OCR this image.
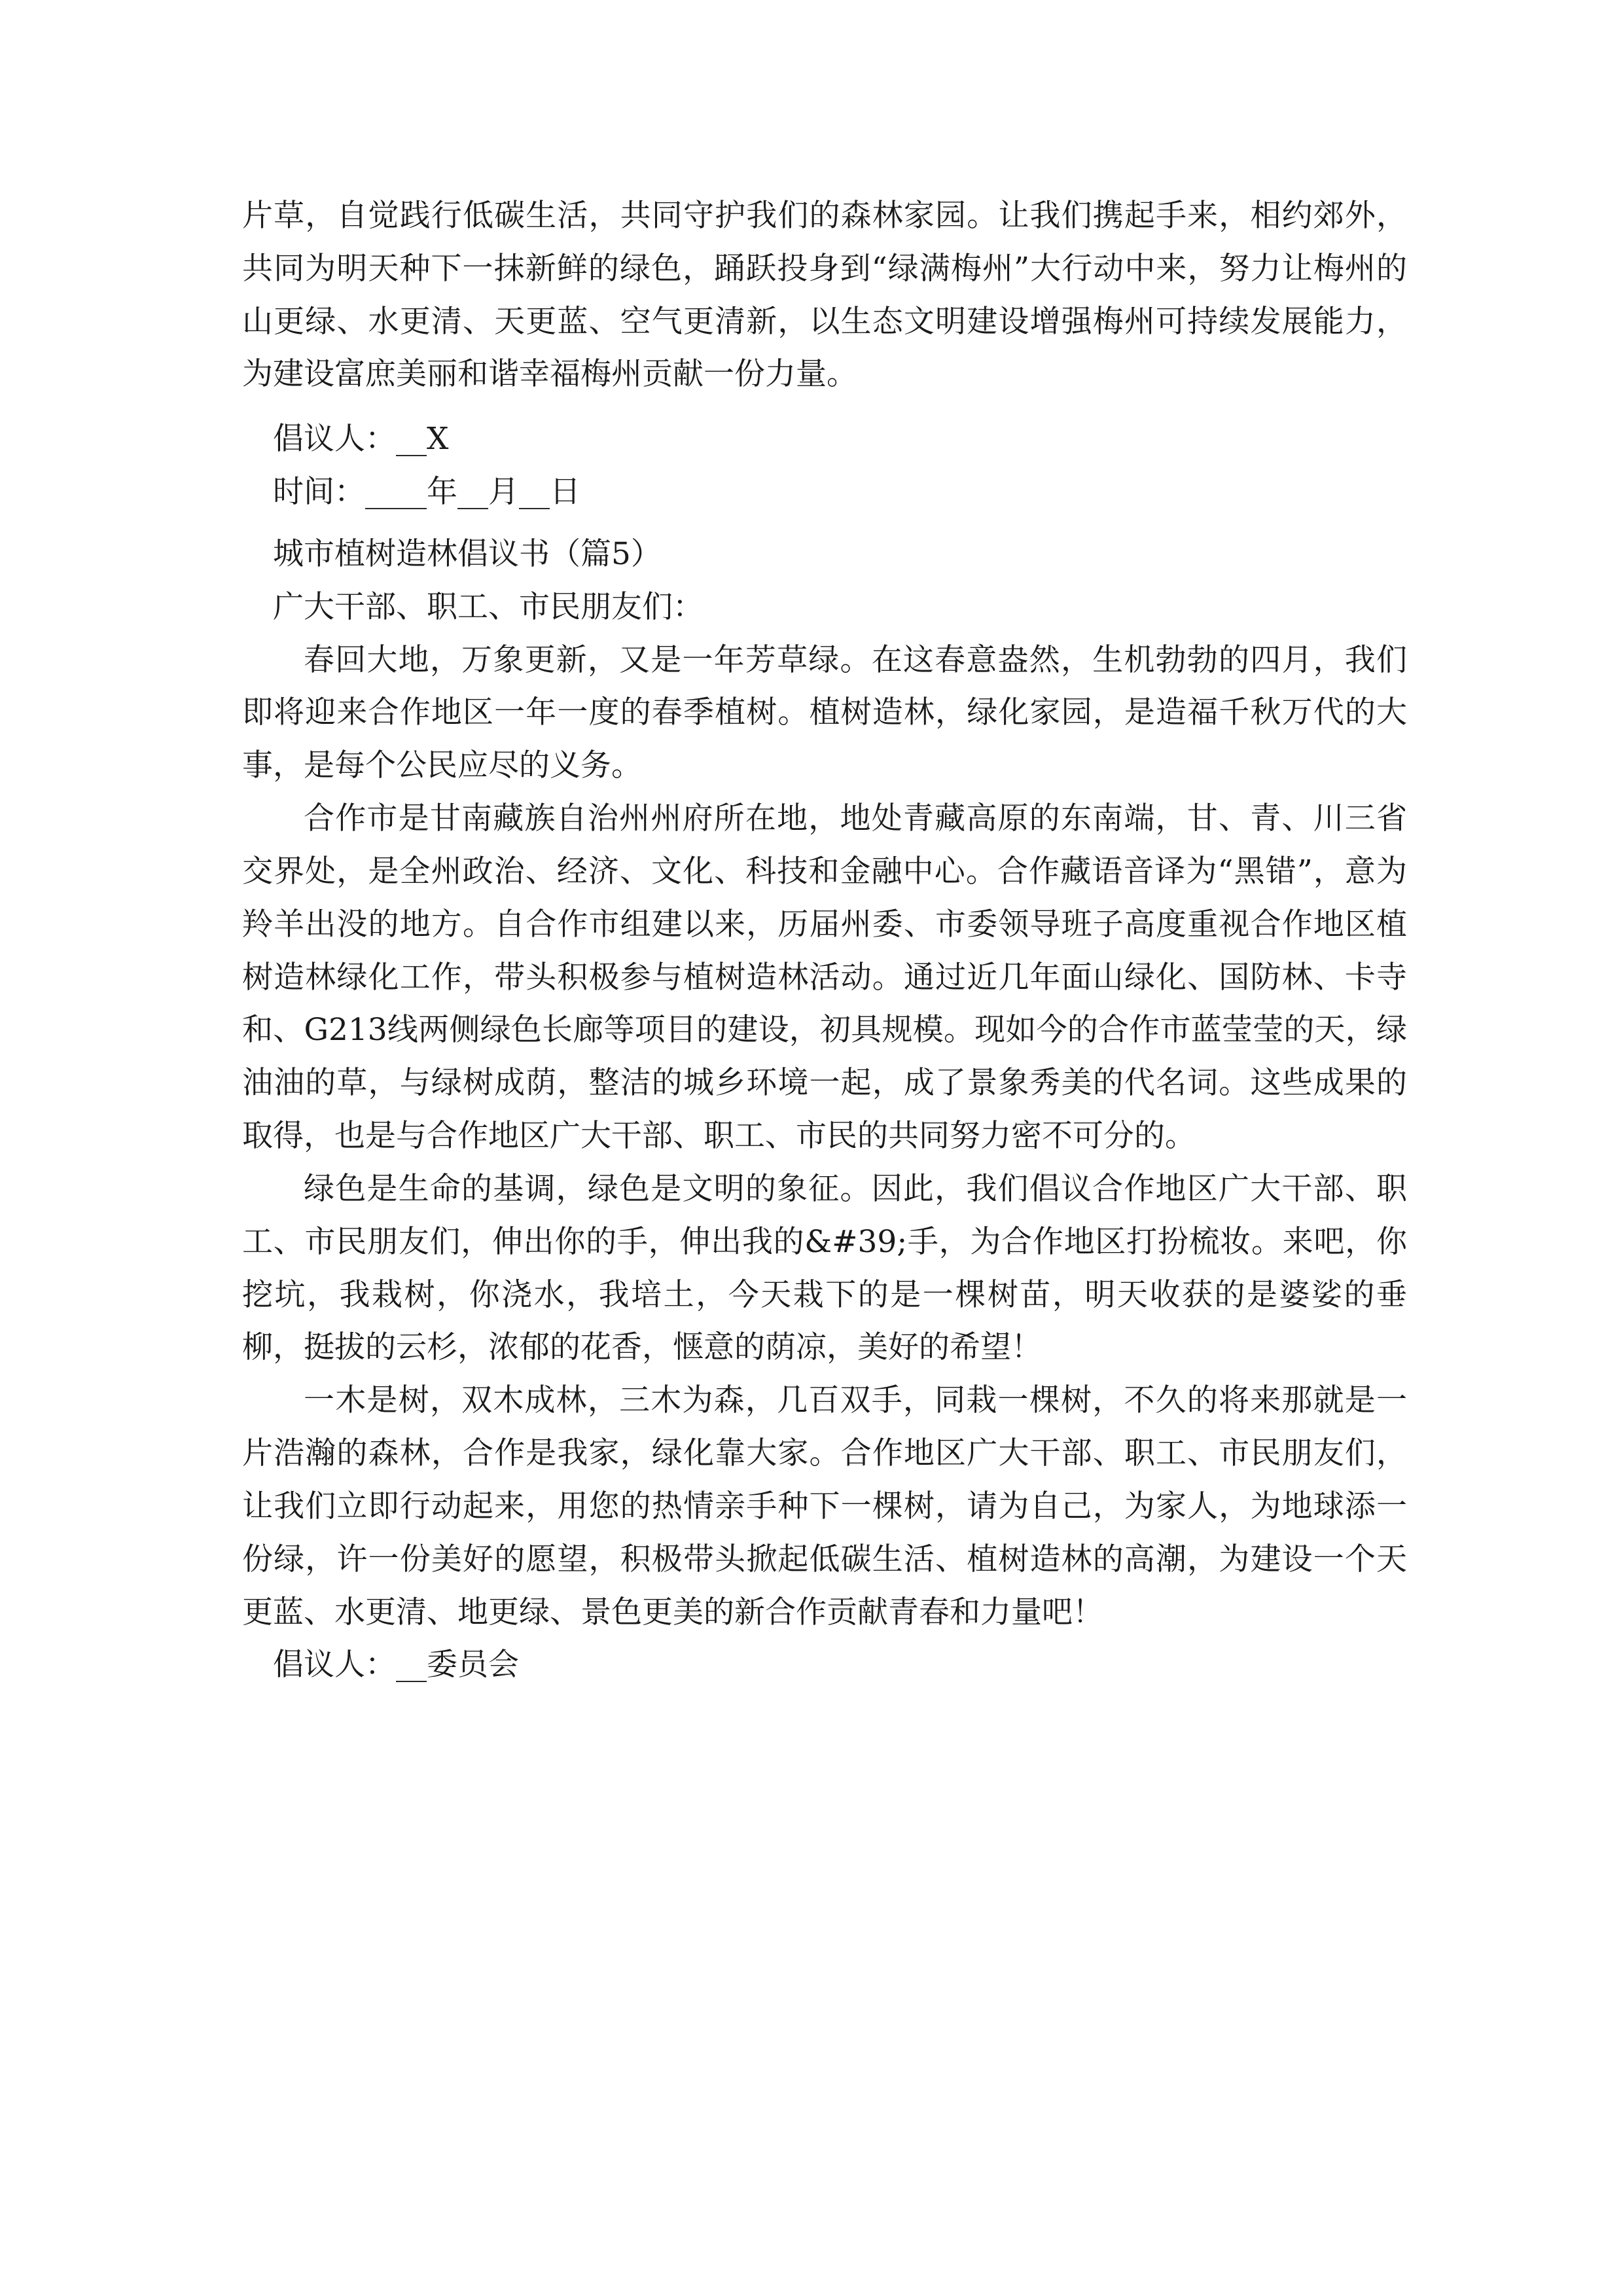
片草，自觉践行低碳生活，共同守护我们的森林家园。让我们携起手来，相约郊外，共同为明天种下一抹新鲜的绿色，踊跃投身到“绿满梅州”大行动中来，努力让梅州的山更绿、水更清、天更蓝、空气更清新，以生态文明建设增强梅州可持续发展能力，为建设富庶美丽和谐幸福梅州贡献一份力量。

倡议人：__X

时间：____年__月__日

城市植树造林倡议书（篇5）

广大干部、职工、市民朋友们：

春回大地，万象更新，又是一年芳草绿。在这春意盎然，生机勃勃的四月，我们即将迎来合作地区一年一度的春季植树。植树造林，绿化家园，是造福千秋万代的大事，是每个公民应尽的义务。

合作市是甘南藏族自治州州府所在地，地处青藏高原的东南端，甘、青、川三省交界处，是全州政治、经济、文化、科技和金融中心。合作藏语音译为“黑错”，意为羚羊出没的地方。自合作市组建以来，历届州委、市委领导班子高度重视合作地区植树造林绿化工作，带头积极参与植树造林活动。通过近几年面山绿化、国防林、卡寺和、G213线两侧绿色长廊等项目的建设，初具规模。现如今的合作市蓝莹莹的天，绿油油的草，与绿树成荫，整洁的城乡环境一起，成了景象秀美的代名词。这些成果的取得，也是与合作地区广大干部、职工、市民的共同努力密不可分的。

绿色是生命的基调，绿色是文明的象征。因此，我们倡议合作地区广大干部、职工、市民朋友们，伸出你的手，伸出我的&#39;手，为合作地区打扮梳妆。来吧，你挖坑，我栽树，你浇水，我培土，今天栽下的是一棵树苗，明天收获的是婆娑的垂柳，挺拔的云杉，浓郁的花香，惬意的荫凉，美好的希望！

一木是树，双木成林，三木为森，几百双手，同栽一棵树，不久的将来那就是一片浩瀚的森林，合作是我家，绿化靠大家。合作地区广大干部、职工、市民朋友们，让我们立即行动起来，用您的热情亲手种下一棵树，请为自己，为家人，为地球添一份绿，许一份美好的愿望，积极带头掀起低碳生活、植树造林的高潮，为建设一个天更蓝、水更清、地更绿、景色更美的新合作贡献青春和力量吧！

倡议人：__委员会
